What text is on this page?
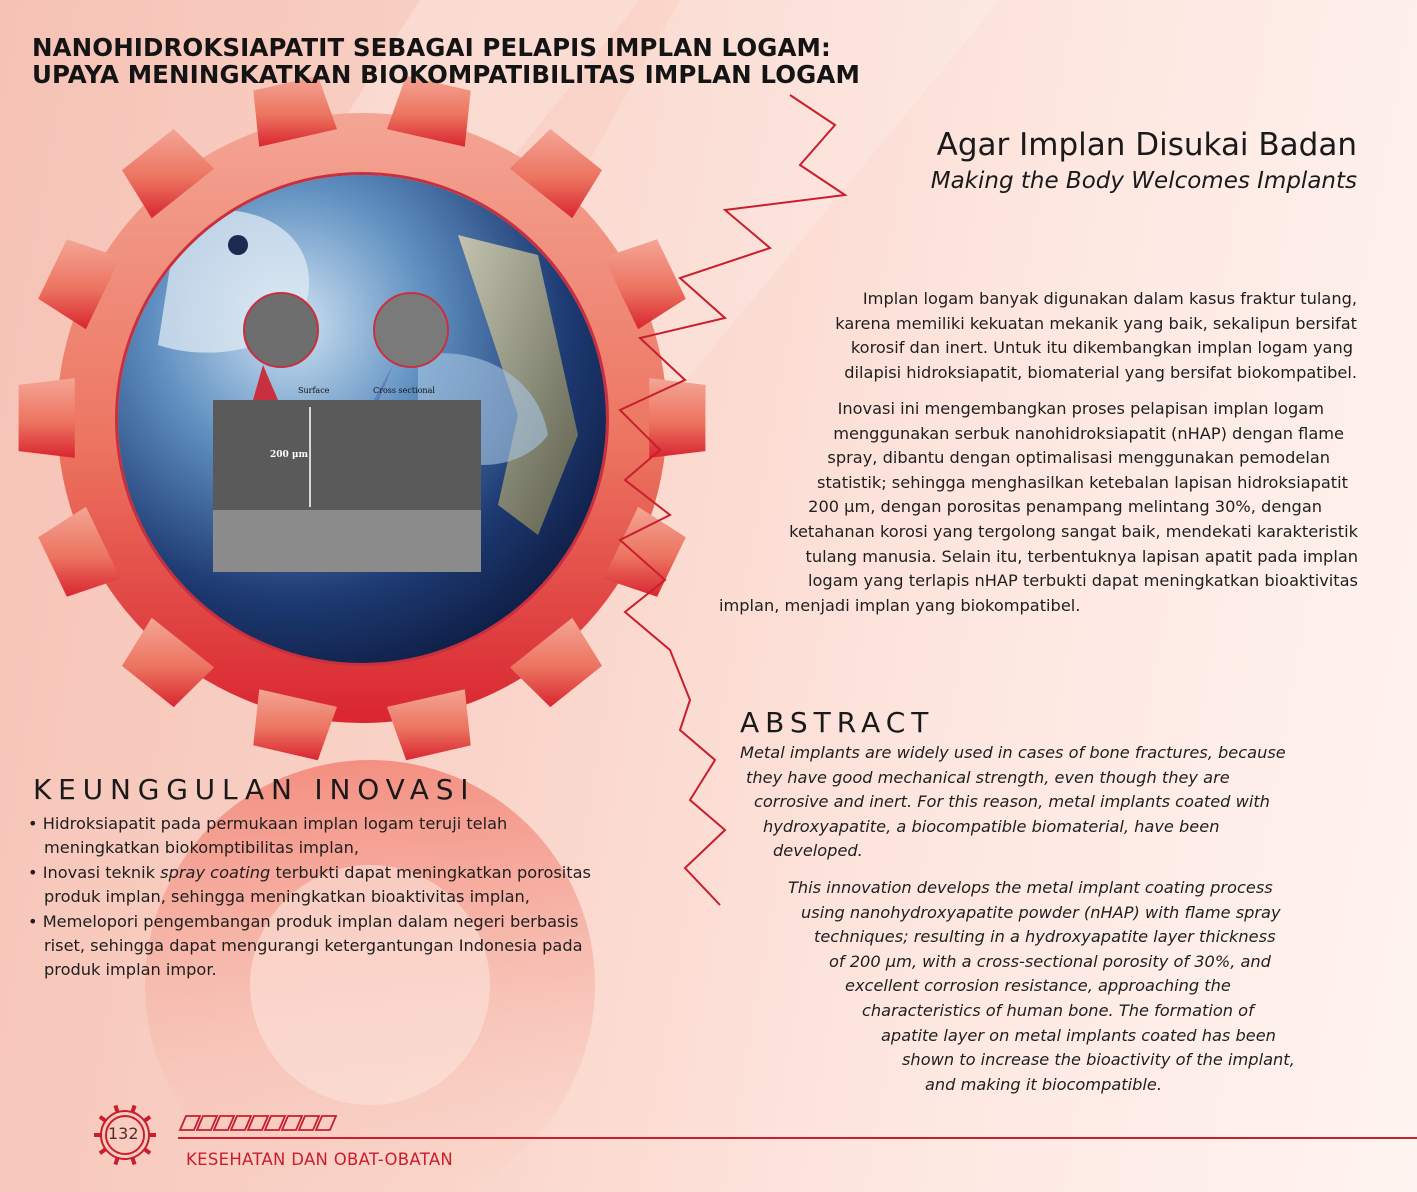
NANOHIDROKSIAPATIT SEBAGAI PELAPIS IMPLAN LOGAM:
UPAYA MENINGKATKAN BIOKOMPATIBILITAS IMPLAN LOGAM
Surface	Cross sectional
200 μm
Agar Implan Disukai Badan
Making the Body Welcomes Implants
Implan logam banyak digunakan dalam kasus fraktur tulang,
karena memiliki kekuatan mekanik yang baik, sekalipun bersifat
korosif dan inert. Untuk itu dikembangkan implan logam yang
dilapisi hidroksiapatit, biomaterial yang bersifat biokompatibel.
Inovasi ini mengembangkan proses pelapisan implan logam
menggunakan serbuk nanohidroksiapatit (nHAP) dengan flame
spray, dibantu dengan optimalisasi menggunakan pemodelan
statistik; sehingga menghasilkan ketebalan lapisan hidroksiapatit
200 μm, dengan porositas penampang melintang 30%, dengan
ketahanan korosi yang tergolong sangat baik, mendekati karakteristik
tulang manusia. Selain itu, terbentuknya lapisan apatit pada implan
logam yang terlapis nHAP terbukti dapat meningkatkan bioaktivitas
implan, menjadi implan yang biokompatibel.
ABSTRACT
Metal implants are widely used in cases of bone fractures, because
they have good mechanical strength, even though they are
corrosive and inert. For this reason, metal implants coated with
hydroxyapatite, a biocompatible biomaterial, have been
developed.
This innovation develops the metal implant coating process
using nanohydroxyapatite powder (nHAP) with flame spray
techniques; resulting in a hydroxyapatite layer thickness
of 200 μm, with a cross-sectional porosity of 30%, and
excellent corrosion resistance, approaching the
characteristics of human bone. The formation of
apatite layer on metal implants coated has been
shown to increase the bioactivity of the implant,
and making it biocompatible.
KEUNGGULAN INOVASI
• Hidroksiapatit pada permukaan implan logam teruji telah
meningkatkan biokomptibilitas implan,
• Inovasi teknik spray coating terbukti dapat meningkatkan porositas
produk implan, sehingga meningkatkan bioaktivitas implan,
• Memelopori pengembangan produk implan dalam negeri berbasis
riset, sehingga dapat mengurangi ketergantungan Indonesia pada
produk implan impor.
132
KESEHATAN DAN OBAT-OBATAN
